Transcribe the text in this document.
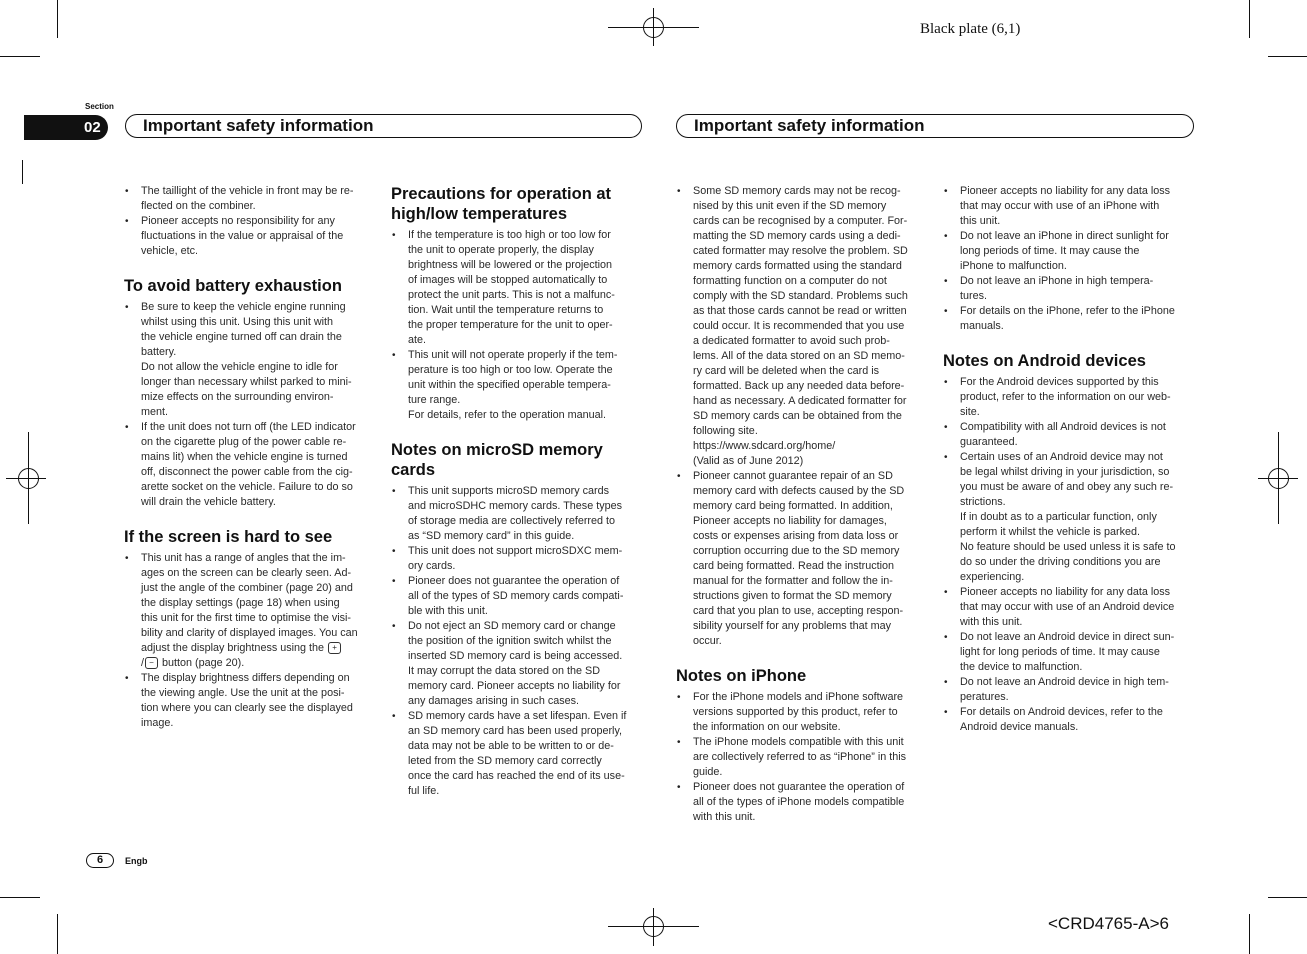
Black plate (6,1)
<CRD4765-A>6
Section
02	Important safety information	Important safety information
• The taillight of the vehicle in front may be re-
flected on the combiner.
• Pioneer accepts no responsibility for any
fluctuations in the value or appraisal of the
vehicle, etc.
To avoid battery exhaustion
• Be sure to keep the vehicle engine running
whilst using this unit. Using this unit with
the vehicle engine turned off can drain the
battery.
Do not allow the vehicle engine to idle for
longer than necessary whilst parked to mini-
mize effects on the surrounding environ-
ment.
• If the unit does not turn off (the LED indicator
on the cigarette plug of the power cable re-
mains lit) when the vehicle engine is turned
off, disconnect the power cable from the cig-
arette socket on the vehicle. Failure to do so
will drain the vehicle battery.
If the screen is hard to see
• This unit has a range of angles that the im-
ages on the screen can be clearly seen. Ad-
just the angle of the combiner (page 20) and
the display settings (page 18) when using
this unit for the first time to optimise the visi-
bility and clarity of displayed images. You can
adjust the display brightness using the +
/ − button (page 20).
• The display brightness differs depending on
the viewing angle. Use the unit at the posi-
tion where you can clearly see the displayed
image.
Precautions for operation at high/low temperatures
• If the temperature is too high or too low for
the unit to operate properly, the display
brightness will be lowered or the projection
of images will be stopped automatically to
protect the unit parts. This is not a malfunc-
tion. Wait until the temperature returns to
the proper temperature for the unit to oper-
ate.
• This unit will not operate properly if the tem-
perature is too high or too low. Operate the
unit within the specified operable tempera-
ture range.
For details, refer to the operation manual.
Notes on microSD memory cards
• This unit supports microSD memory cards
and microSDHC memory cards. These types
of storage media are collectively referred to
as “SD memory card” in this guide.
• This unit does not support microSDXC mem-
ory cards.
• Pioneer does not guarantee the operation of
all of the types of SD memory cards compati-
ble with this unit.
• Do not eject an SD memory card or change
the position of the ignition switch whilst the
inserted SD memory card is being accessed.
It may corrupt the data stored on the SD
memory card. Pioneer accepts no liability for
any damages arising in such cases.
• SD memory cards have a set lifespan. Even if
an SD memory card has been used properly,
data may not be able to be written to or de-
leted from the SD memory card correctly
once the card has reached the end of its use-
ful life.
• Some SD memory cards may not be recog-
nised by this unit even if the SD memory
cards can be recognised by a computer. For-
matting the SD memory cards using a dedi-
cated formatter may resolve the problem. SD
memory cards formatted using the standard
formatting function on a computer do not
comply with the SD standard. Problems such
as that those cards cannot be read or written
could occur. It is recommended that you use
a dedicated formatter to avoid such prob-
lems. All of the data stored on an SD memo-
ry card will be deleted when the card is
formatted. Back up any needed data before-
hand as necessary. A dedicated formatter for
SD memory cards can be obtained from the
following site.
https://www.sdcard.org/home/
(Valid as of June 2012)
• Pioneer cannot guarantee repair of an SD
memory card with defects caused by the SD
memory card being formatted. In addition,
Pioneer accepts no liability for damages,
costs or expenses arising from data loss or
corruption occurring due to the SD memory
card being formatted. Read the instruction
manual for the formatter and follow the in-
structions given to format the SD memory
card that you plan to use, accepting respon-
sibility yourself for any problems that may
occur.
Notes on iPhone
• For the iPhone models and iPhone software
versions supported by this product, refer to
the information on our website.
• The iPhone models compatible with this unit
are collectively referred to as “iPhone” in this
guide.
• Pioneer does not guarantee the operation of
all of the types of iPhone models compatible
with this unit.
• Pioneer accepts no liability for any data loss
that may occur with use of an iPhone with
this unit.
• Do not leave an iPhone in direct sunlight for
long periods of time. It may cause the
iPhone to malfunction.
• Do not leave an iPhone in high tempera-
tures.
• For details on the iPhone, refer to the iPhone
manuals.
Notes on Android devices
• For the Android devices supported by this
product, refer to the information on our web-
site.
• Compatibility with all Android devices is not
guaranteed.
• Certain uses of an Android device may not
be legal whilst driving in your jurisdiction, so
you must be aware of and obey any such re-
strictions.
If in doubt as to a particular function, only
perform it whilst the vehicle is parked.
No feature should be used unless it is safe to
do so under the driving conditions you are
experiencing.
• Pioneer accepts no liability for any data loss
that may occur with use of an Android device
with this unit.
• Do not leave an Android device in direct sun-
light for long periods of time. It may cause
the device to malfunction.
• Do not leave an Android device in high tem-
peratures.
• For details on Android devices, refer to the
Android device manuals.
6	Engb
